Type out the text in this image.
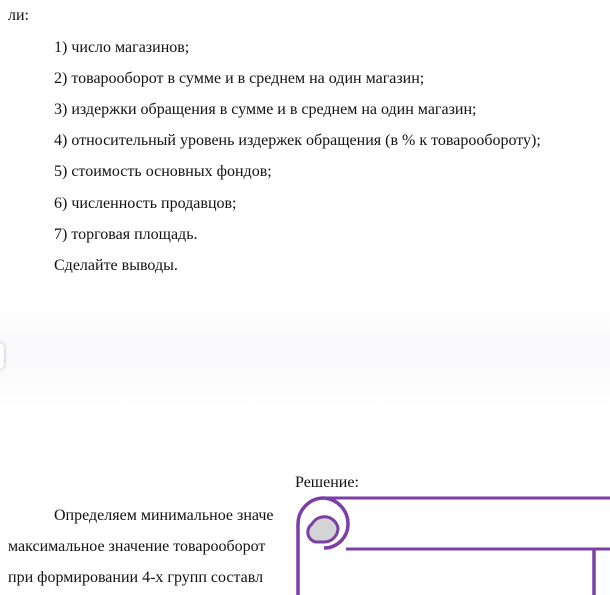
ли:
1) число магазинов;
2) товарооборот в сумме и в среднем на один магазин;
3) издержки обращения в сумме и в среднем на один магазин;
4) относительный уровень издержек обращения (в % к товарообороту);
5) стоимость основных фондов;
6) численность продавцов;
7) торговая площадь.
Сделайте выводы.
Решение:
Определяем минимальное значе
максимальное значение товарооборот
при формировании 4-х групп составл
